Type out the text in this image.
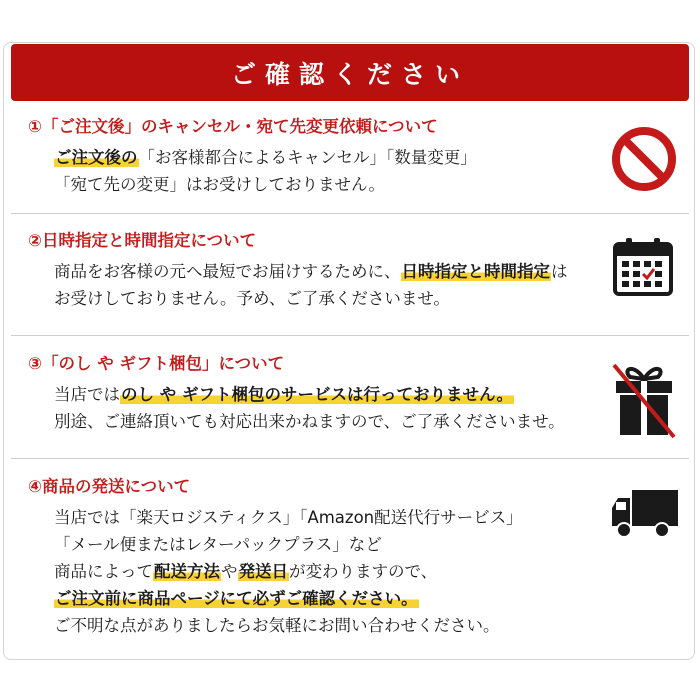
ご確認ください
①「ご注文後」のキャンセル・宛て先変更依頼について
ご注文後の「お客様都合によるキャンセル」「数量変更」
「宛て先の変更」はお受けしておりません。
②日時指定と時間指定について
商品をお客様の元へ最短でお届けするために、日時指定と時間指定は
お受けしておりません。予め、ご了承くださいませ。
③「のし や ギフト梱包」について
当店ではのし や ギフト梱包のサービスは行っておりません。
別途、ご連絡頂いても対応出来かねますので、ご了承くださいませ。
④商品の発送について
当店では「楽天ロジスティクス」「Amazon配送代行サービス」
「メール便またはレターパックプラス」など
商品によって配送方法や発送日が変わりますので、
ご注文前に商品ページにて必ずご確認ください。
ご不明な点がありましたらお気軽にお問い合わせください。
